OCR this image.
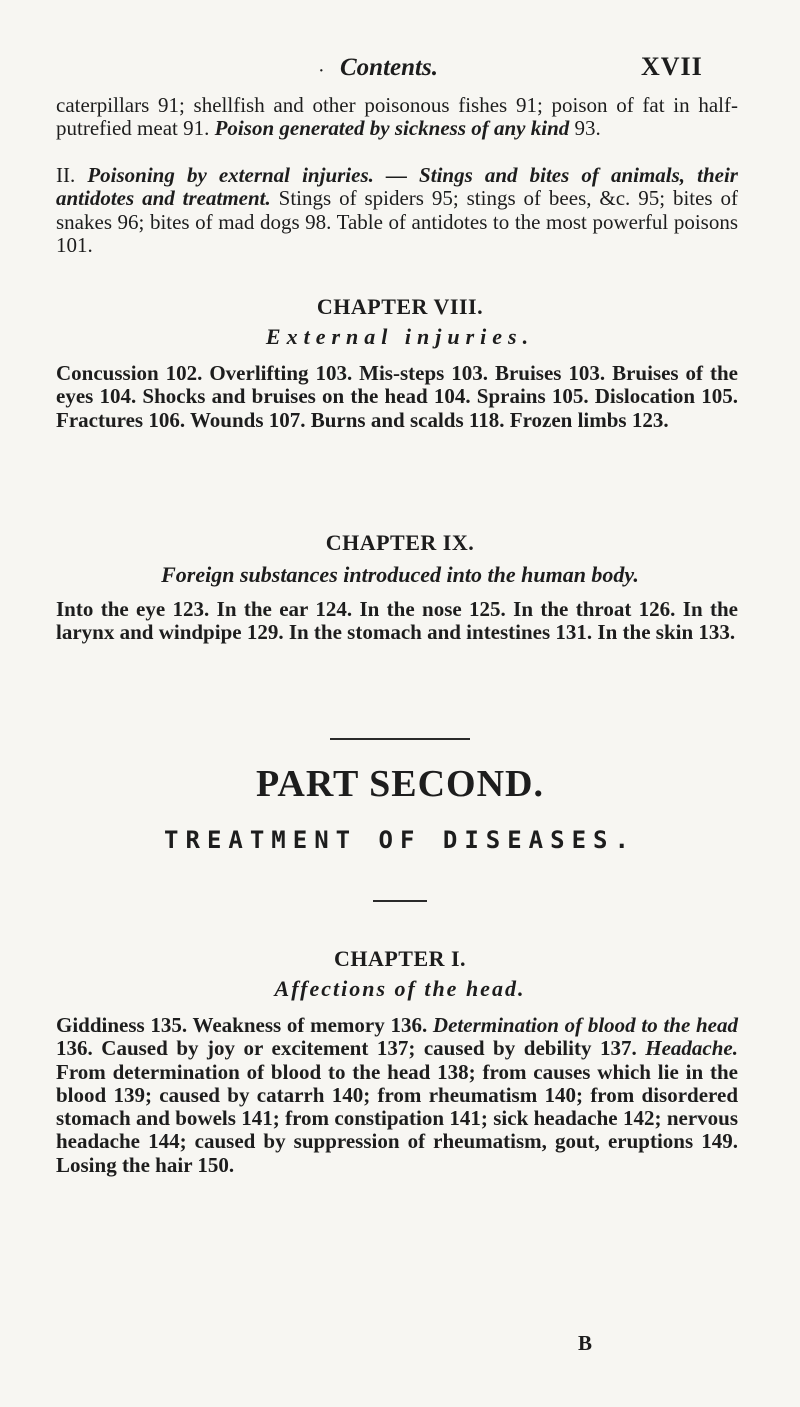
· Contents.	XVII
caterpillars 91; shellfish and other poisonous fishes 91; poison of fat in half-putrefied meat 91. Poison generated by sickness of any kind 93.
II. Poisoning by external injuries. — Stings and bites of animals, their antidotes and treatment. Stings of spiders 95; stings of bees, &c. 95; bites of snakes 96; bites of mad dogs 98. Table of antidotes to the most powerful poisons 101.
CHAPTER VIII.
External injuries.
Concussion 102. Overlifting 103. Mis-steps 103. Bruises 103. Bruises of the eyes 104. Shocks and bruises on the head 104. Sprains 105. Dislocation 105. Fractures 106. Wounds 107. Burns and scalds 118. Frozen limbs 123.
CHAPTER IX.
Foreign substances introduced into the human body.
Into the eye 123. In the ear 124. In the nose 125. In the throat 126. In the larynx and windpipe 129. In the stomach and intestines 131. In the skin 133.
PART SECOND.
TREATMENT OF DISEASES.
CHAPTER I.
Affections of the head.
Giddiness 135. Weakness of memory 136. Determination of blood to the head 136. Caused by joy or excitement 137; caused by debility 137. Headache. From determination of blood to the head 138; from causes which lie in the blood 139; caused by catarrh 140; from rheumatism 140; from disordered stomach and bowels 141; from constipation 141; sick headache 142; nervous headache 144; caused by suppression of rheumatism, gout, eruptions 149. Losing the hair 150.
B
